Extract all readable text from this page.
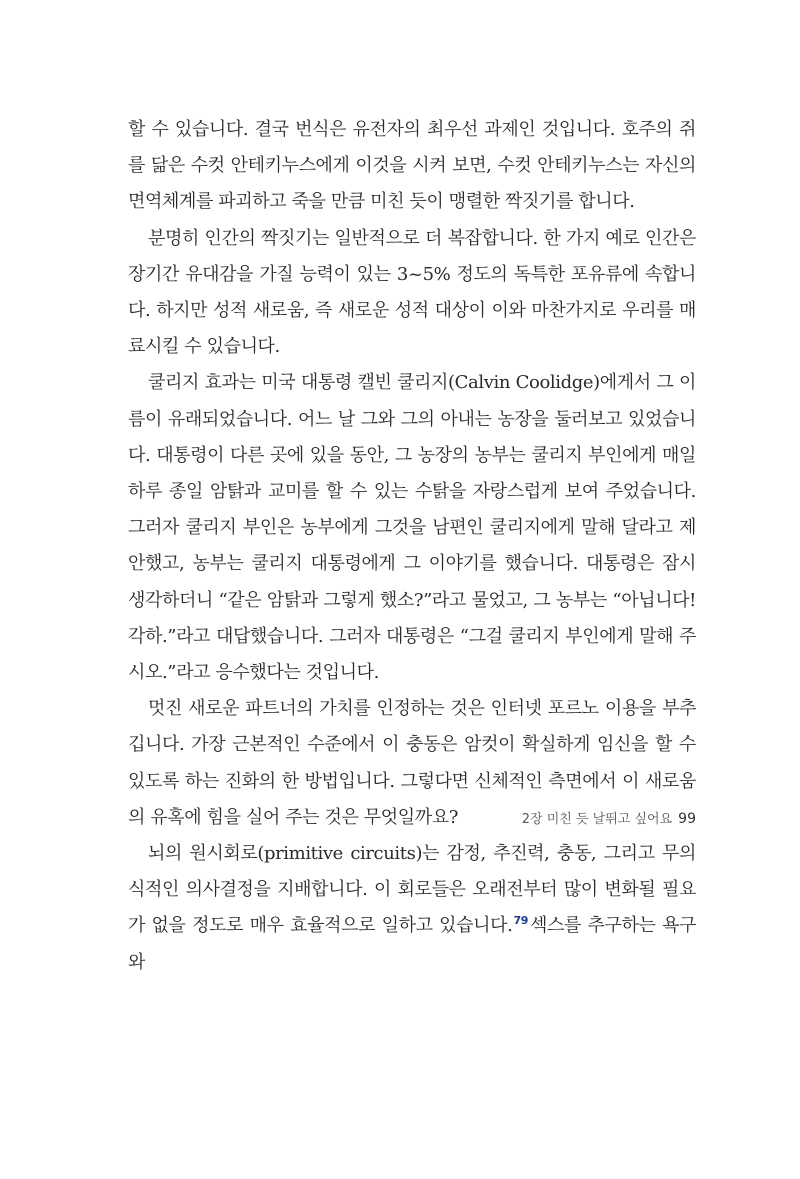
할 수 있습니다. 결국 번식은 유전자의 최우선 과제인 것입니다. 호주의 쥐를 닮은 수컷 안테키누스에게 이것을 시켜 보면, 수컷 안테키누스는 자신의 면역체계를 파괴하고 죽을 만큼 미친 듯이 맹렬한 짝짓기를 합니다.

분명히 인간의 짝짓기는 일반적으로 더 복잡합니다. 한 가지 예로 인간은 장기간 유대감을 가질 능력이 있는 3~5% 정도의 독특한 포유류에 속합니다. 하지만 성적 새로움, 즉 새로운 성적 대상이 이와 마찬가지로 우리를 매료시킬 수 있습니다.

쿨리지 효과는 미국 대통령 캘빈 쿨리지(Calvin Coolidge)에게서 그 이름이 유래되었습니다. 어느 날 그와 그의 아내는 농장을 둘러보고 있었습니다. 대통령이 다른 곳에 있을 동안, 그 농장의 농부는 쿨리지 부인에게 매일 하루 종일 암탉과 교미를 할 수 있는 수탉을 자랑스럽게 보여 주었습니다. 그러자 쿨리지 부인은 농부에게 그것을 남편인 쿨리지에게 말해 달라고 제안했고, 농부는 쿨리지 대통령에게 그 이야기를 했습니다. 대통령은 잠시 생각하더니 “같은 암탉과 그렇게 했소?”라고 물었고, 그 농부는 “아닙니다! 각하.”라고 대답했습니다. 그러자 대통령은 “그걸 쿨리지 부인에게 말해 주시오.”라고 응수했다는 것입니다.

멋진 새로운 파트너의 가치를 인정하는 것은 인터넷 포르노 이용을 부추깁니다. 가장 근본적인 수준에서 이 충동은 암컷이 확실하게 임신을 할 수 있도록 하는 진화의 한 방법입니다. 그렇다면 신체적인 측면에서 이 새로움의 유혹에 힘을 실어 주는 것은 무엇일까요?

뇌의 원시회로(primitive circuits)는 감정, 추진력, 충동, 그리고 무의식적인 의사결정을 지배합니다. 이 회로들은 오래전부터 많이 변화될 필요가 없을 정도로 매우 효율적으로 일하고 있습니다.$^{79}$ 섹스를 추구하는 욕구와

2장 미친 듯 날뛰고 싶어요 99
